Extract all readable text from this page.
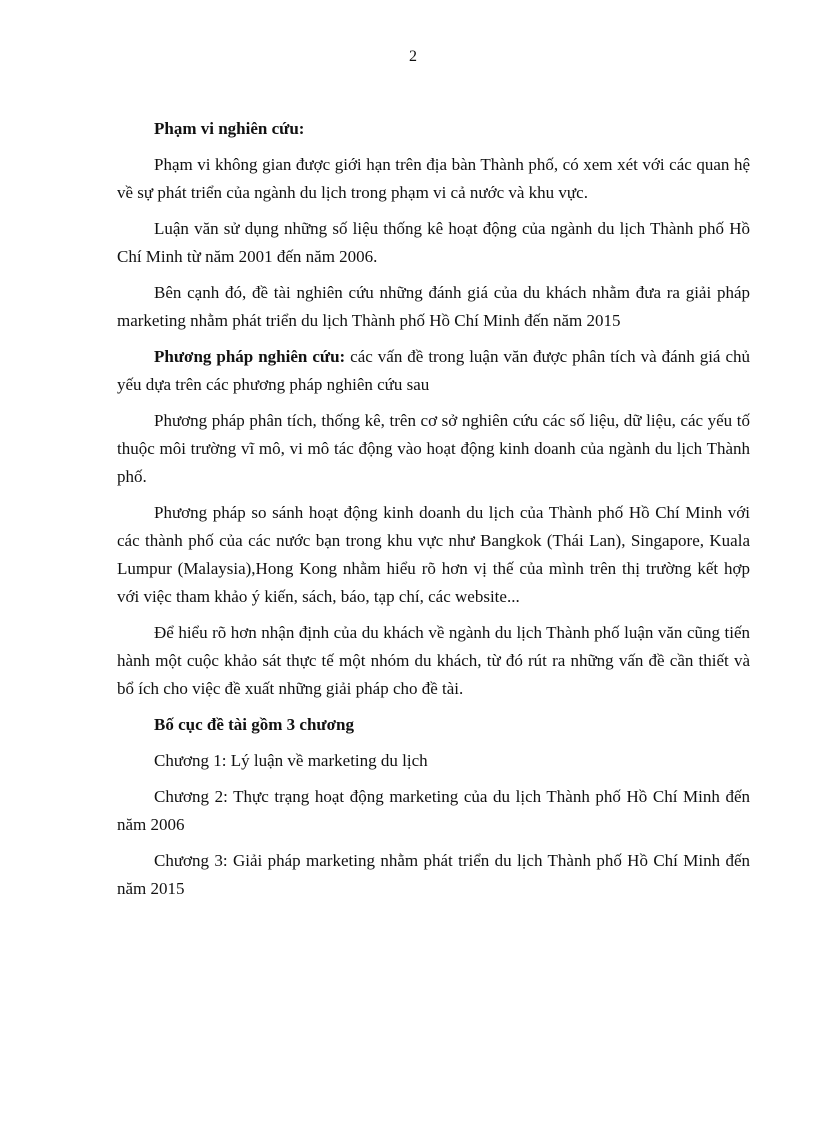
2

Phạm vi nghiên cứu:

Phạm vi không gian được giới hạn trên địa bàn Thành phố, có xem xét với các quan hệ về sự phát triển của ngành du lịch trong phạm vi cả nước và khu vực.

Luận văn sử dụng những số liệu thống kê hoạt động của ngành du lịch Thành phố Hồ Chí Minh từ năm 2001 đến năm 2006.

Bên cạnh đó, đề tài nghiên cứu những đánh giá của du khách nhằm đưa ra giải pháp marketing nhằm phát triển du lịch Thành phố Hồ Chí Minh đến năm 2015

Phương pháp nghiên cứu: các vấn đề trong luận văn được phân tích và đánh giá chủ yếu dựa trên các phương pháp nghiên cứu sau

Phương pháp phân tích, thống kê, trên cơ sở nghiên cứu các số liệu, dữ liệu, các yếu tố thuộc môi trường vĩ mô, vi mô tác động vào hoạt động kinh doanh của ngành du lịch Thành phố.

Phương pháp so sánh hoạt động kinh doanh du lịch của Thành phố Hồ Chí Minh với các thành phố của các nước bạn trong khu vực như Bangkok (Thái Lan), Singapore, Kuala Lumpur (Malaysia),Hong Kong nhằm hiểu rõ hơn vị thế của mình trên thị trường kết hợp với việc tham khảo ý kiến, sách, báo, tạp chí, các website...

Để hiểu rõ hơn nhận định của du khách về ngành du lịch Thành phố luận văn cũng tiến hành một cuộc khảo sát thực tế một nhóm du khách, từ đó rút ra những vấn đề cần thiết và bổ ích cho việc đề xuất những giải pháp cho đề tài.

Bố cục đề tài gồm 3 chương

Chương 1: Lý luận về marketing du lịch

Chương 2: Thực trạng hoạt động marketing của du lịch Thành phố Hồ Chí Minh đến năm 2006

Chương 3: Giải pháp marketing nhằm phát triển du lịch Thành phố Hồ Chí Minh đến năm 2015
